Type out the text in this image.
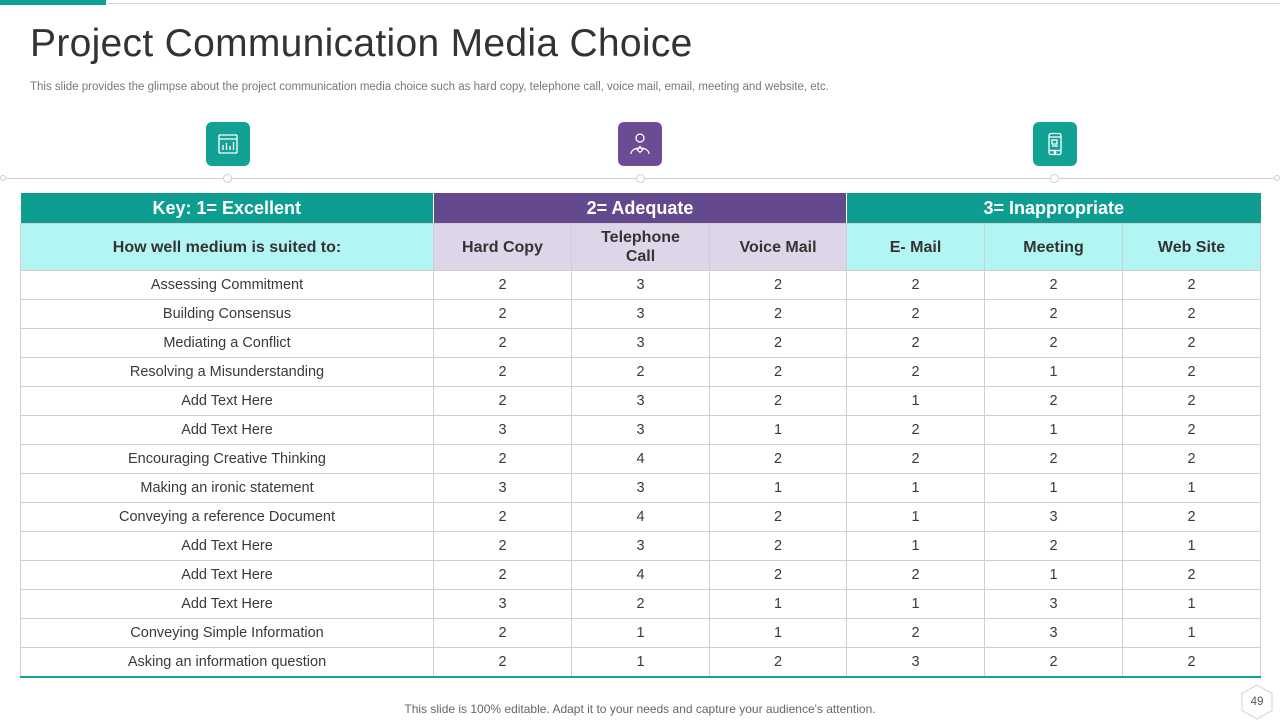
Project Communication Media Choice
This slide provides the glimpse about the project communication media choice such as hard copy, telephone call, voice mail, email, meeting and website, etc.
Key: 1= Excellent	2= Adequate			3= Inappropriate		
How well medium is suited to:	Hard Copy	Telephone Call	Voice Mail	E- Mail	Meeting	Web Site
Assessing Commitment	2	3	2	2	2	2
Building Consensus	2	3	2	2	2	2
Mediating a Conflict	2	3	2	2	2	2
Resolving a Misunderstanding	2	2	2	2	1	2
Add Text Here	2	3	2	1	2	2
Add Text Here	3	3	1	2	1	2
Encouraging Creative Thinking	2	4	2	2	2	2
Making an ironic statement	3	3	1	1	1	1
Conveying a reference Document	2	4	2	1	3	2
Add Text Here	2	3	2	1	2	1
Add Text Here	2	4	2	2	1	2
Add Text Here	3	2	1	1	3	1
Conveying Simple Information	2	1	1	2	3	1
Asking an information question	2	1	2	3	2	2
This slide is 100% editable. Adapt it to your needs and capture your audience's attention.	49
